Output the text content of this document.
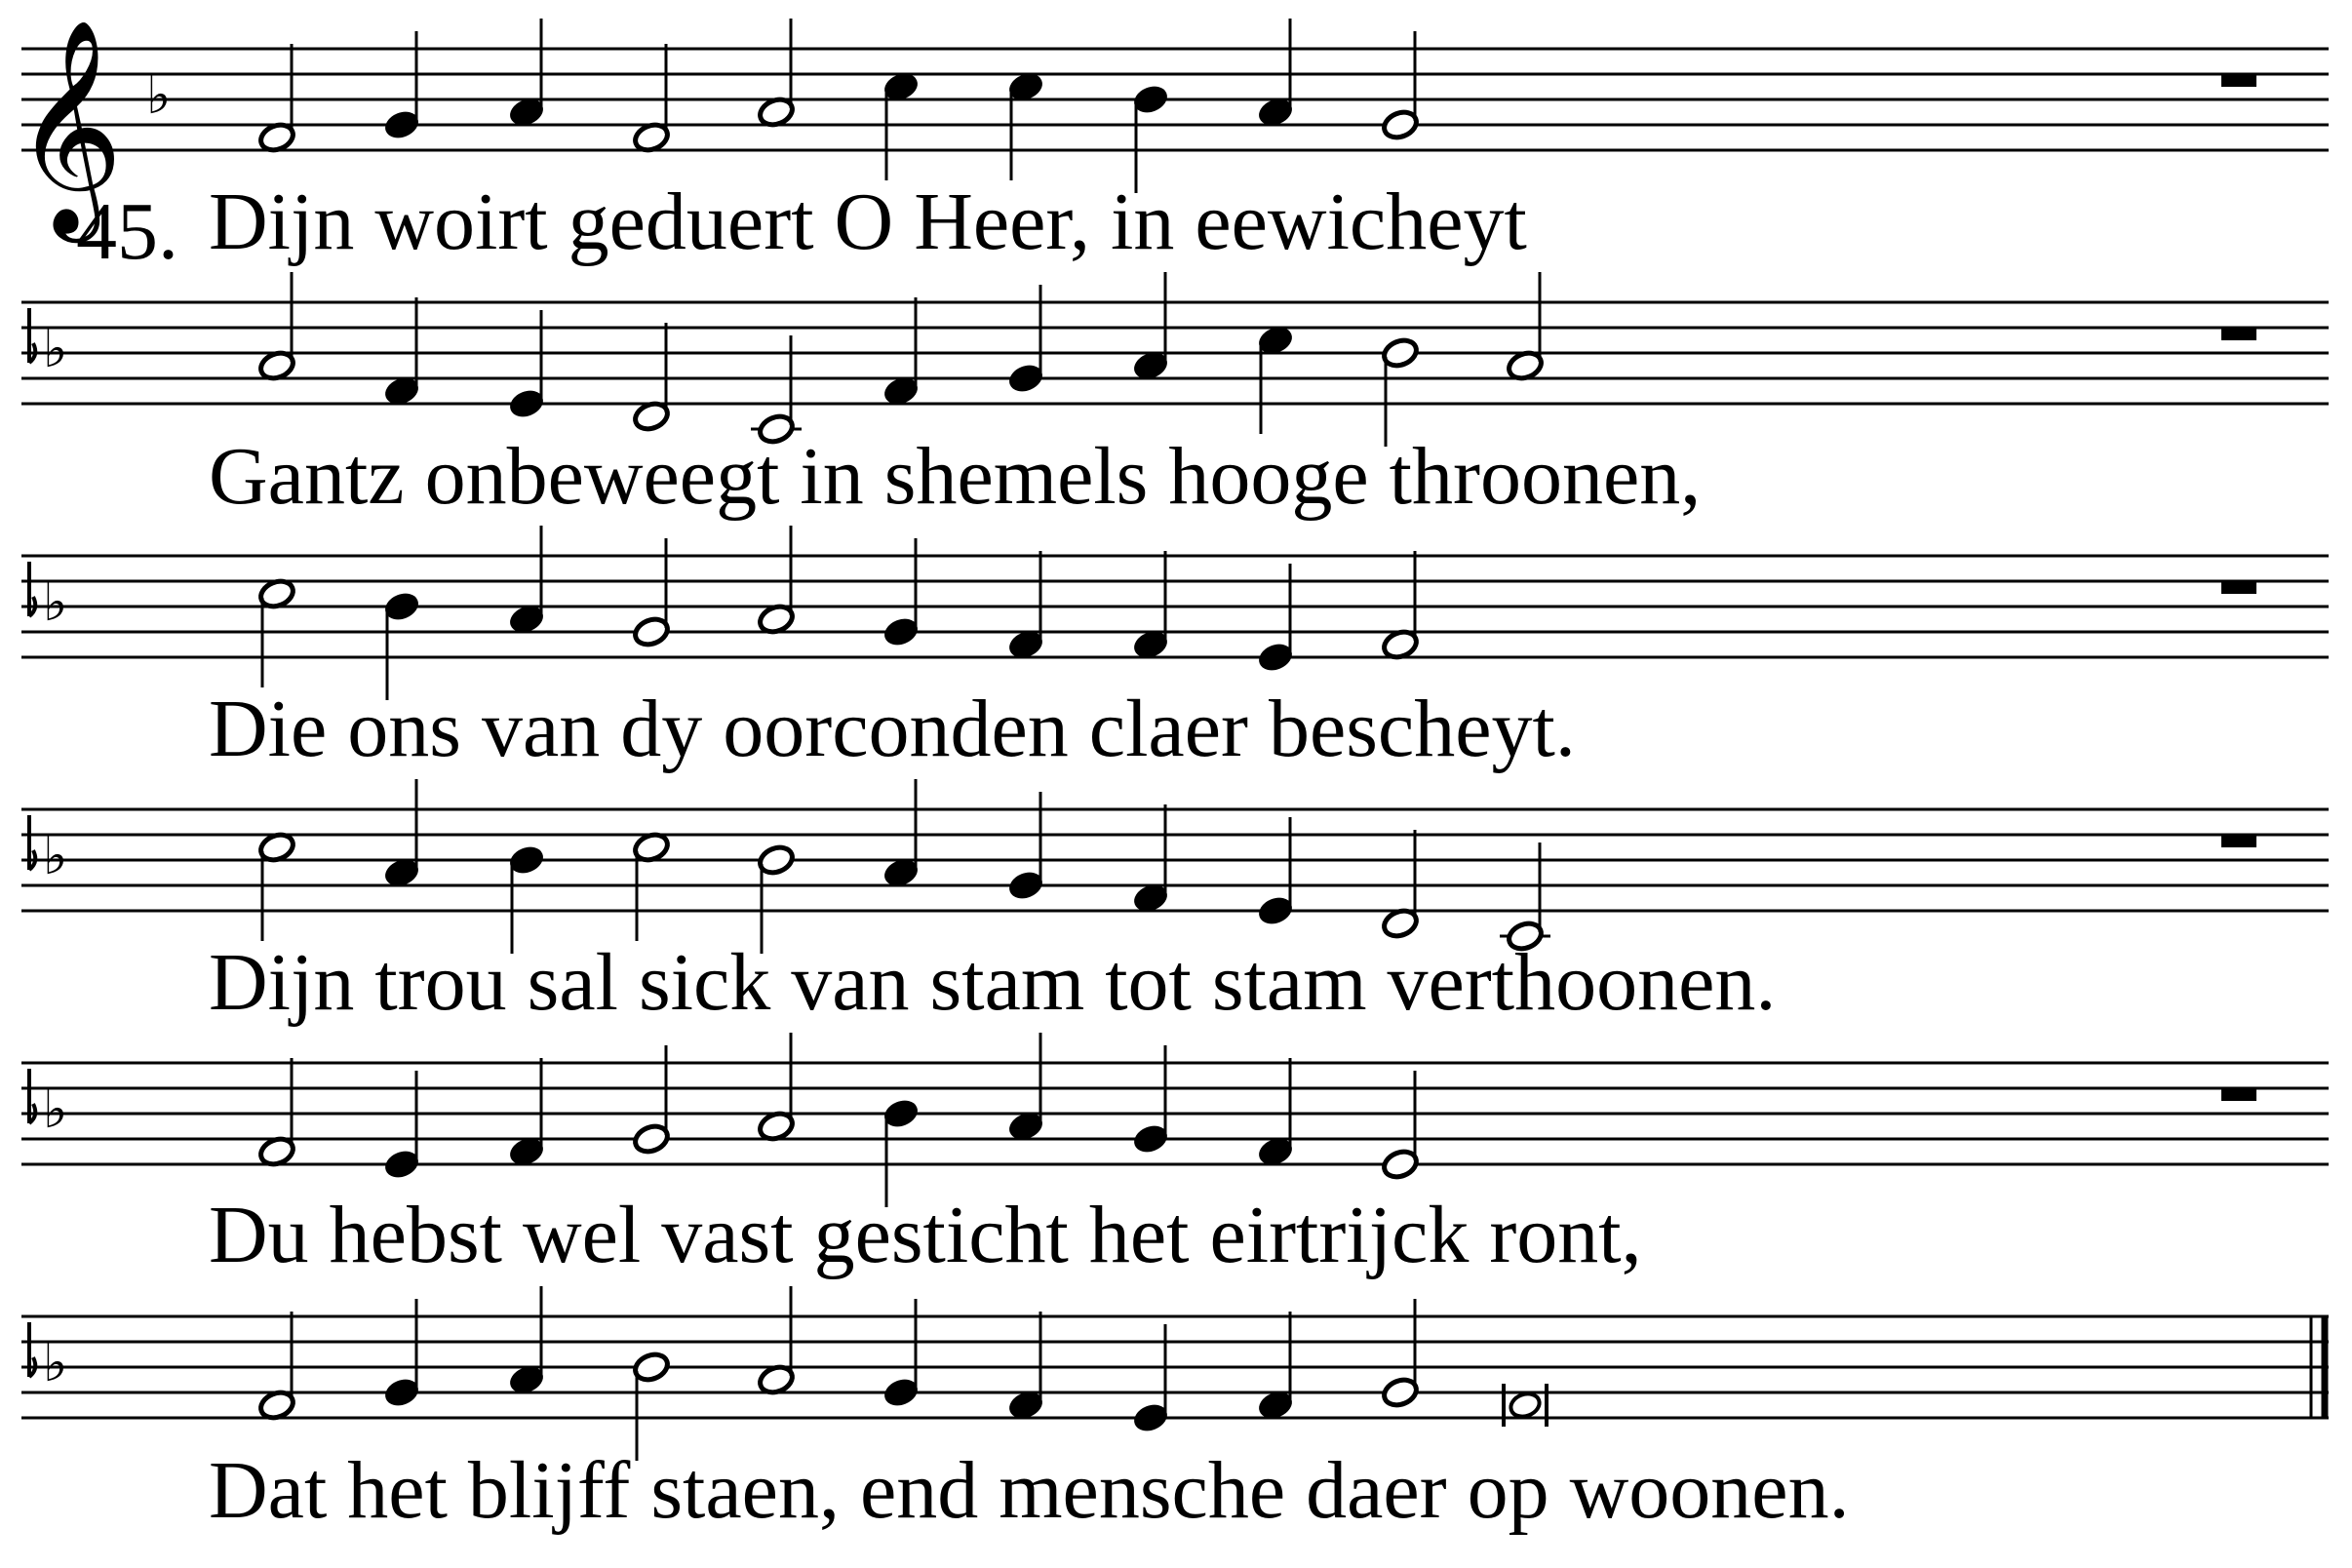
𝄞 ♭
♭
♭
♭
♭
♭
45. Dijn woirt geduert O Heer, in eewicheyt
Gantz onbeweegt in shemels hooge throonen,
Die ons van dy oorconden claer bescheyt.
Dijn trou sal sick van stam tot stam verthoonen.
Du hebst wel vast gesticht het eirtrijck ront,
Dat het blijff staen, end mensche daer op woonen.
